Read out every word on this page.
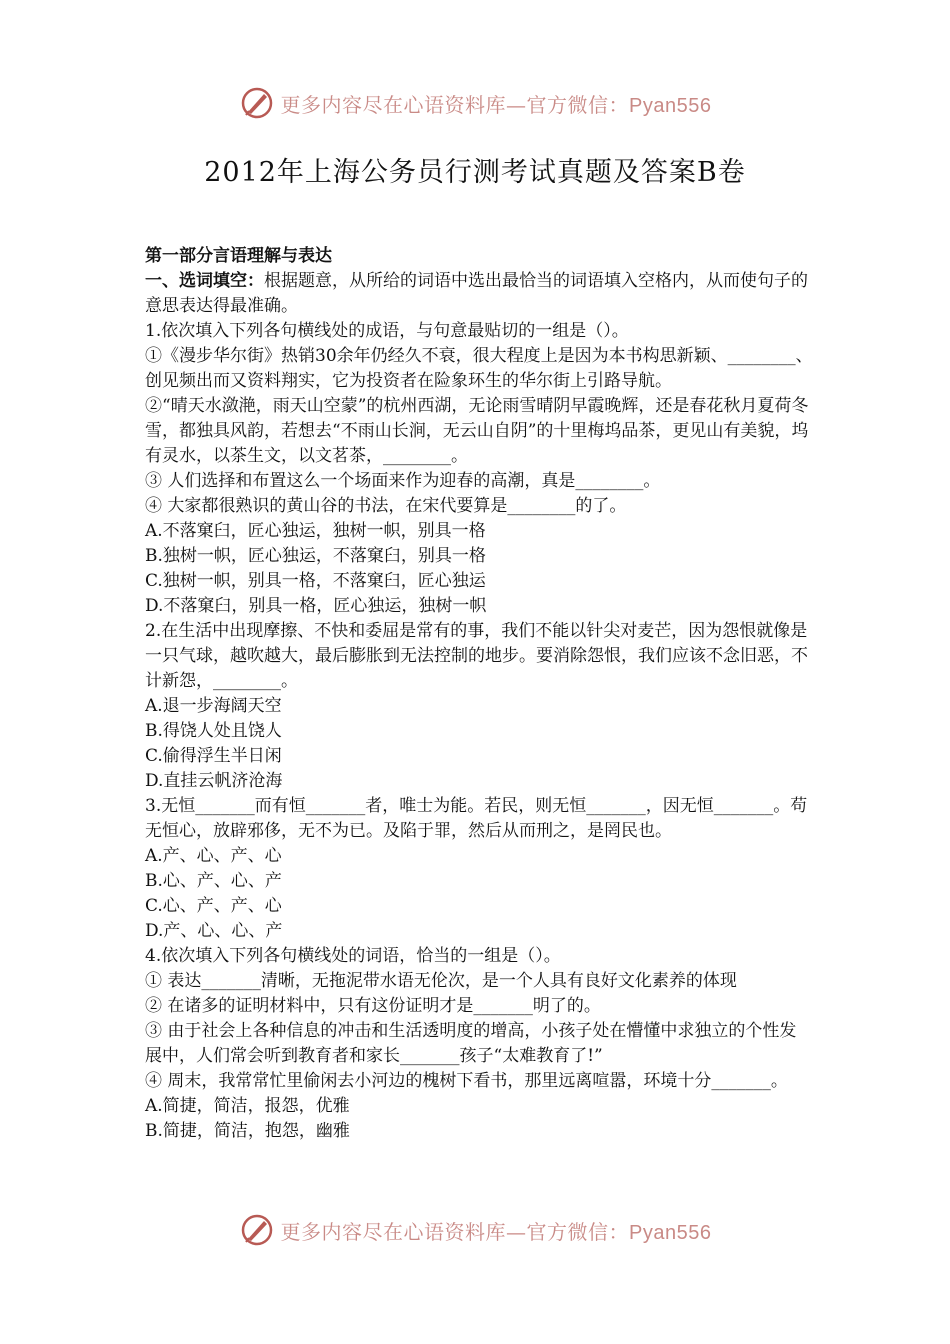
更多内容尽在心语资料库—官方微信：Pyan556
2012年上海公务员行测考试真题及答案B卷

第一部分言语理解与表达

一、选词填空：根据题意，从所给的词语中选出最恰当的词语填入空格内，从而使句子的意思表达得最准确。

1.依次填入下列各句横线处的成语，与句意最贴切的一组是（）。

①《漫步华尔街》热销30余年仍经久不衰，很大程度上是因为本书构思新颖、________、创见频出而又资料翔实，它为投资者在险象环生的华尔街上引路导航。

②“晴天水潋滟，雨天山空蒙”的杭州西湖，无论雨雪晴阴早霞晚辉，还是春花秋月夏荷冬雪，都独具风韵，若想去“不雨山长涧，无云山自阴”的十里梅坞品茶，更见山有美貌，坞有灵水，以茶生文，以文茗茶，________。

③ 人们选择和布置这么一个场面来作为迎春的高潮，真是________。

④ 大家都很熟识的黄山谷的书法，在宋代要算是________的了。

A.不落窠臼，匠心独运，独树一帜，别具一格

B.独树一帜，匠心独运，不落窠臼，别具一格

C.独树一帜，别具一格，不落窠臼，匠心独运

D.不落窠臼，别具一格，匠心独运，独树一帜

2.在生活中出现摩擦、不快和委屈是常有的事，我们不能以针尖对麦芒，因为怨恨就像是一只气球，越吹越大，最后膨胀到无法控制的地步。要消除怨恨，我们应该不念旧恶，不计新怨，________。

A.退一步海阔天空

B.得饶人处且饶人

C.偷得浮生半日闲

D.直挂云帆济沧海

3.无恒_______而有恒_______者，唯士为能。若民，则无恒_______，因无恒_______。苟无恒心，放辟邪侈，无不为已。及陷于罪，然后从而刑之，是罔民也。

A.产、心、产、心

B.心、产、心、产

C.心、产、产、心

D.产、心、心、产

4.依次填入下列各句横线处的词语，恰当的一组是（）。

① 表达_______清晰，无拖泥带水语无伦次，是一个人具有良好文化素养的体现

② 在诸多的证明材料中，只有这份证明才是_______明了的。

③ 由于社会上各种信息的冲击和生活透明度的增高，小孩子处在懵懂中求独立的个性发展中，人们常会听到教育者和家长_______孩子“太难教育了!”

④ 周末，我常常忙里偷闲去小河边的槐树下看书，那里远离喧嚣，环境十分_______。

A.简捷，简洁，报怨，优雅

B.简捷，简洁，抱怨，幽雅

更多内容尽在心语资料库—官方微信：Pyan556
